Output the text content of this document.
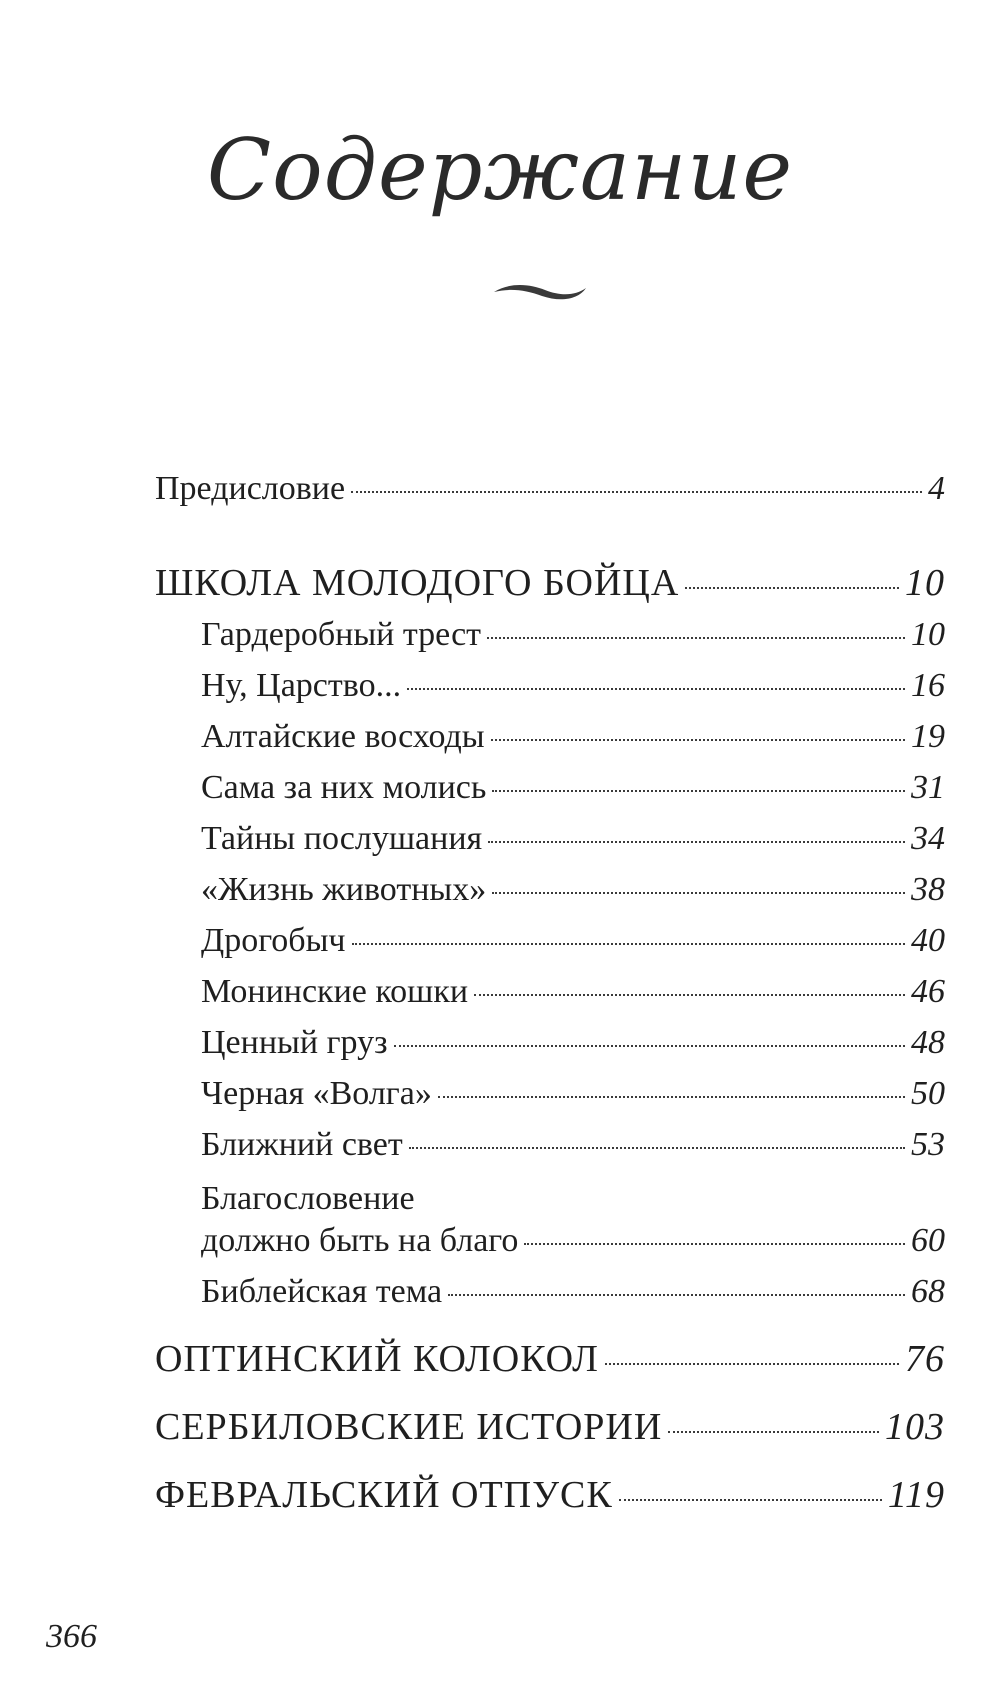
Содержание
Предисловие	4
ШКОЛА МОЛОДОГО БОЙЦА	10
Гардеробный трест	10
Ну, Царство...	16
Алтайские восходы	19
Сама за них молись	31
Тайны послушания	34
«Жизнь животных»	38
Дрогобыч	40
Монинские кошки	46
Ценный груз	48
Черная «Волга»	50
Ближний свет	53
Благословение
должно быть на благо	60
Библейская тема	68
ОПТИНСКИЙ КОЛОКОЛ	76
СЕРБИЛОВСКИЕ ИСТОРИИ	103
ФЕВРАЛЬСКИЙ ОТПУСК	119
366
